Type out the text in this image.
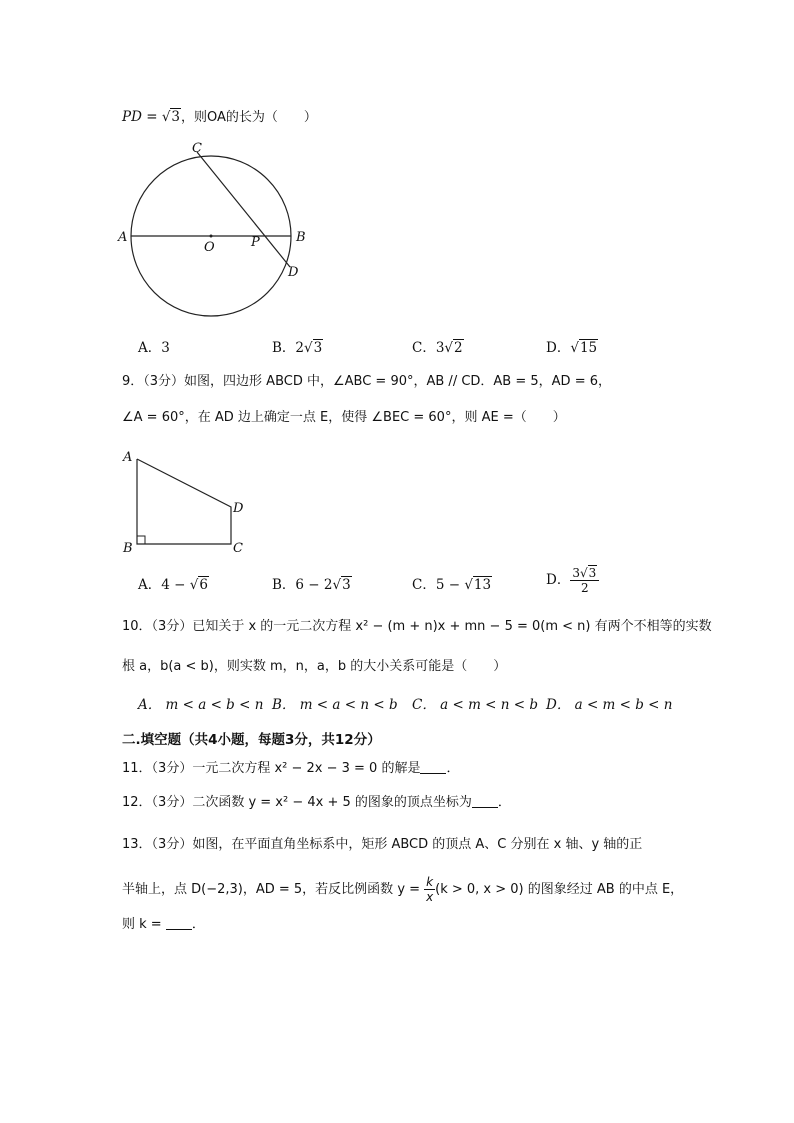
PD = √3，则OA的长为（　　）
C
A
O	P	B
D
A．3	B．2√3	C．3√2	D．√15
9．（3分）如图，四边形 ABCD 中，∠ABC = 90°，AB // CD．AB = 5，AD = 6，
∠A = 60°，在 AD 边上确定一点 E，使得 ∠BEC = 60°，则 AE =（　　）
A
D
B	C
A．4 − √6	B．6 − 2√3	C．5 − √13	D． $\frac{3√3}{2}$
10．（3分）已知关于 x 的一元二次方程 x² − (m + n)x + mn − 5 = 0(m < n) 有两个不相等的实数
根 a，b(a < b)，则实数 m，n，a，b 的大小关系可能是（　　）
A． m < a < b < n B． m < a < n < b C． a < m < n < b D． a < m < b < n
二.填空题（共4小题，每题3分，共12分）
11．（3分）一元二次方程 x² − 2x − 3 = 0 的解是 ．
12．（3分）二次函数 y = x² − 4x + 5 的图象的顶点坐标为 ．
13．（3分）如图，在平面直角坐标系中，矩形 ABCD 的顶点 A、C 分别在 x 轴、y 轴的正
半轴上，点 D(−2,3)，AD = 5，若反比例函数 $y = \frac{k}{x} (k > 0$, x > 0) 的图象经过 AB 的中点 E，
则 k = ．
